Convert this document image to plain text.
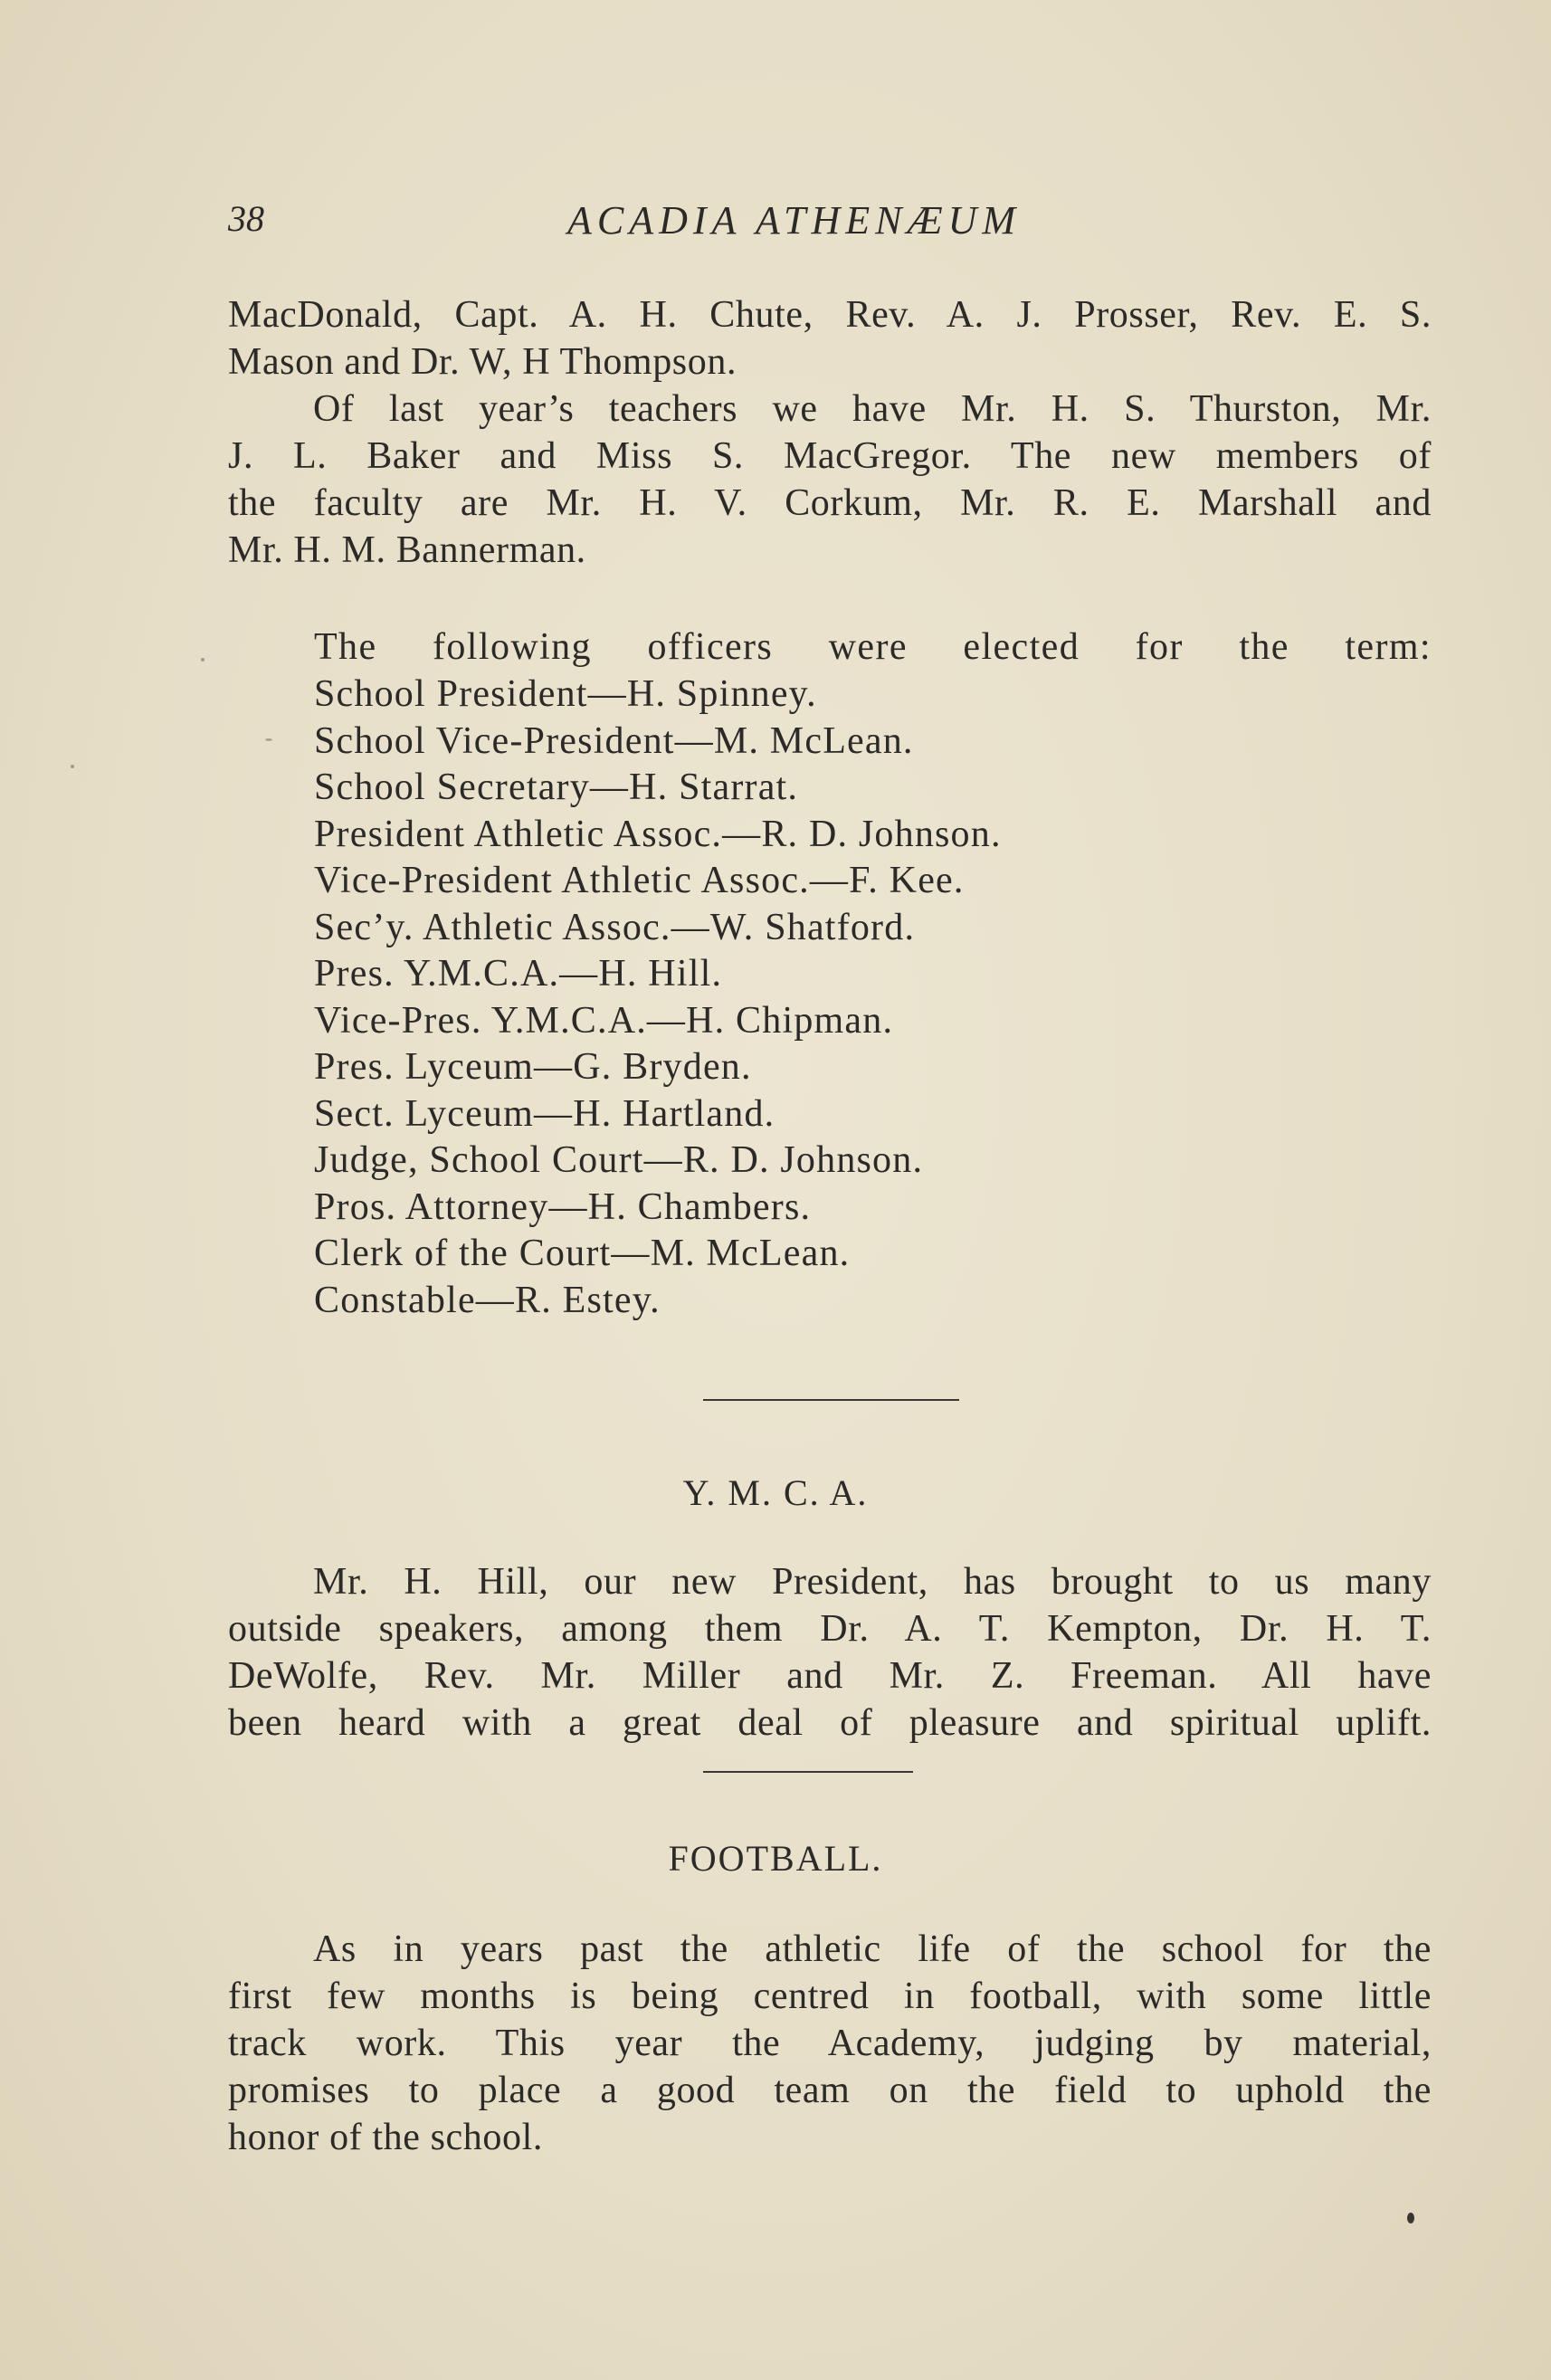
38	ACADIA ATHENÆUM

MacDonald, Capt. A. H. Chute, Rev. A. J. Prosser, Rev. E. S.
Mason and Dr. W, H Thompson.

Of last year’s teachers we have Mr. H. S. Thurston, Mr.
J. L. Baker and Miss S. MacGregor. The new members of
the faculty are Mr. H. V. Corkum, Mr. R. E. Marshall and
Mr. H. M. Bannerman.

The following officers were elected for the term:
School President—H. Spinney.
School Vice-President—M. McLean.
School Secretary—H. Starrat.
President Athletic Assoc.—R. D. Johnson.
Vice-President Athletic Assoc.—F. Kee.
Sec’y. Athletic Assoc.—W. Shatford.
Pres. Y.M.C.A.—H. Hill.
Vice-Pres. Y.M.C.A.—H. Chipman.
Pres. Lyceum—G. Bryden.
Sect. Lyceum—H. Hartland.
Judge, School Court—R. D. Johnson.
Pros. Attorney—H. Chambers.
Clerk of the Court—M. McLean.
Constable—R. Estey.
Y. M. C. A.

Mr. H. Hill, our new President, has brought to us many
outside speakers, among them Dr. A. T. Kempton, Dr. H. T.
DeWolfe, Rev. Mr. Miller and Mr. Z. Freeman. All have
been heard with a great deal of pleasure and spiritual uplift.

FOOTBALL.

As in years past the athletic life of the school for the
first few months is being centred in football, with some little
track work. This year the Academy, judging by material,
promises to place a good team on the field to uphold the
honor of the school.
